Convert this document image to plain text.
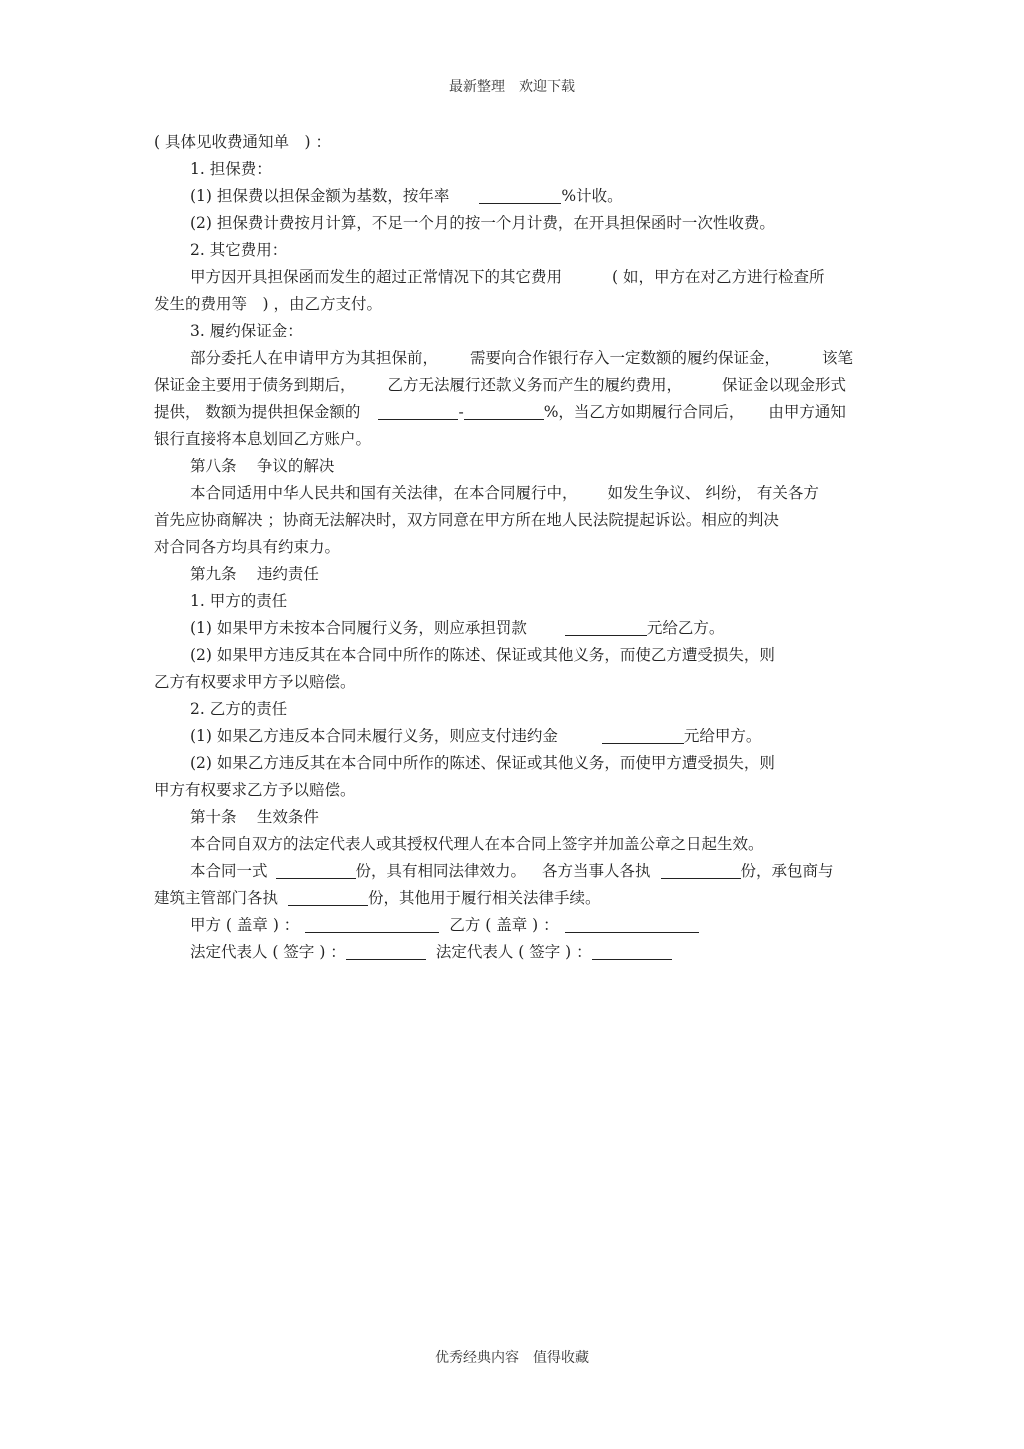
最新整理 欢迎下载
( 具体见收费通知单　) ：
1. 担保费：
(1) 担保费以担保金额为基数，按年率	%计收。
(2) 担保费计费按月计算，不足一个月的按一个月计费，在开具担保函时一次性收费。
2. 其它费用：
甲方因开具担保函而发生的超过正常情况下的其它费用	( 如，甲方在对乙方进行检查所
发生的费用等　) ，由乙方支付。
3. 履约保证金：
部分委托人在申请甲方为其担保前， 需要向合作银行存入一定数额的履约保证金，	该笔
保证金主要用于债务到期后， 乙方无法履行还款义务而产生的履约费用，	保证金以现金形式
提供， 数额为提供担保金额的	-	%，当乙方如期履行合同后， 由甲方通知
银行直接将本息划回乙方账户。
第八条　 争议的解决
本合同适用中华人民共和国有关法律，在本合同履行中， 如发生争议、 纠纷， 有关各方
首先应协商解决 ；协商无法解决时，双方同意在甲方所在地人民法院提起诉讼。相应的判决
对合同各方均具有约束力。
第九条　 违约责任
1. 甲方的责任
(1) 如果甲方未按本合同履行义务，则应承担罚款	元给乙方。
(2) 如果甲方违反其在本合同中所作的陈述、保证或其他义务，而使乙方遭受损失，则
乙方有权要求甲方予以赔偿。
2. 乙方的责任
(1) 如果乙方违反本合同未履行义务，则应支付违约金	元给甲方。
(2) 如果乙方违反其在本合同中所作的陈述、保证或其他义务，而使甲方遭受损失，则
甲方有权要求乙方予以赔偿。
第十条　 生效条件
本合同自双方的法定代表人或其授权代理人在本合同上签字并加盖公章之日起生效。
本合同一式	份，具有相同法律效力。 各方当事人各执	份，承包商与
建筑主管部门各执	份，其他用于履行相关法律手续。
甲方 ( 盖章 ) ：	乙方 ( 盖章 ) ：
法定代表人 ( 签字 ) ：	法定代表人 ( 签字 ) ：
优秀经典内容 值得收藏
